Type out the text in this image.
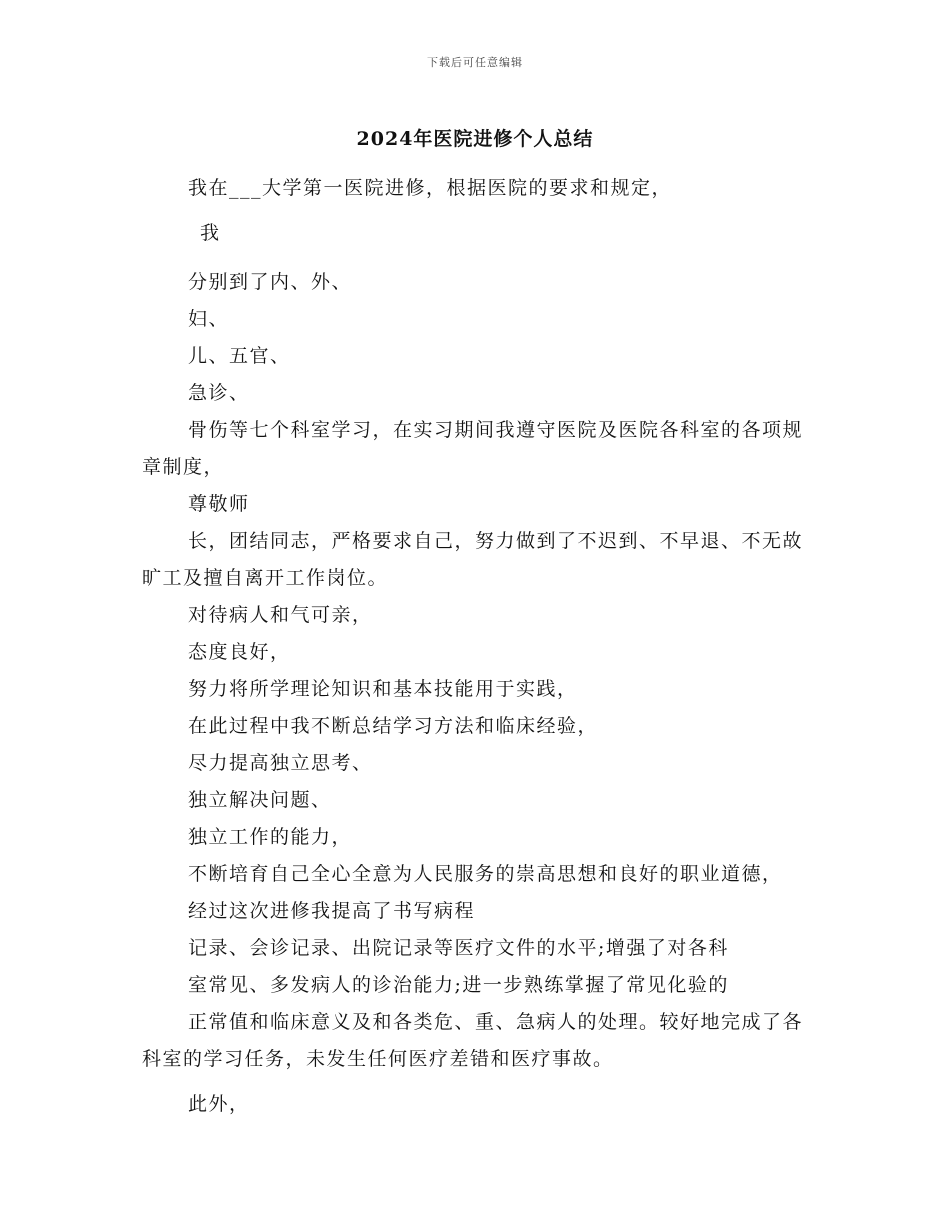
下载后可任意编辑
2024年医院进修个人总结

我在___大学第一医院进修，根据医院的要求和规定，

我

分别到了内、外、

妇、

儿、五官、

急诊、

骨伤等七个科室学习，在实习期间我遵守医院及医院各科室的各项规章制度，

尊敬师

长，团结同志，严格要求自己，努力做到了不迟到、不早退、不无故旷工及擅自离开工作岗位。

对待病人和气可亲，

态度良好，

努力将所学理论知识和基本技能用于实践，

在此过程中我不断总结学习方法和临床经验，

尽力提高独立思考、

独立解决问题、

独立工作的能力，

不断培育自己全心全意为人民服务的崇高思想和良好的职业道德，

经过这次进修我提高了书写病程

记录、会诊记录、出院记录等医疗文件的水平;增强了对各科

室常见、多发病人的诊治能力;进一步熟练掌握了常见化验的

正常值和临床意义及和各类危、重、急病人的处理。较好地完成了各科室的学习任务，未发生任何医疗差错和医疗事故。

此外，
